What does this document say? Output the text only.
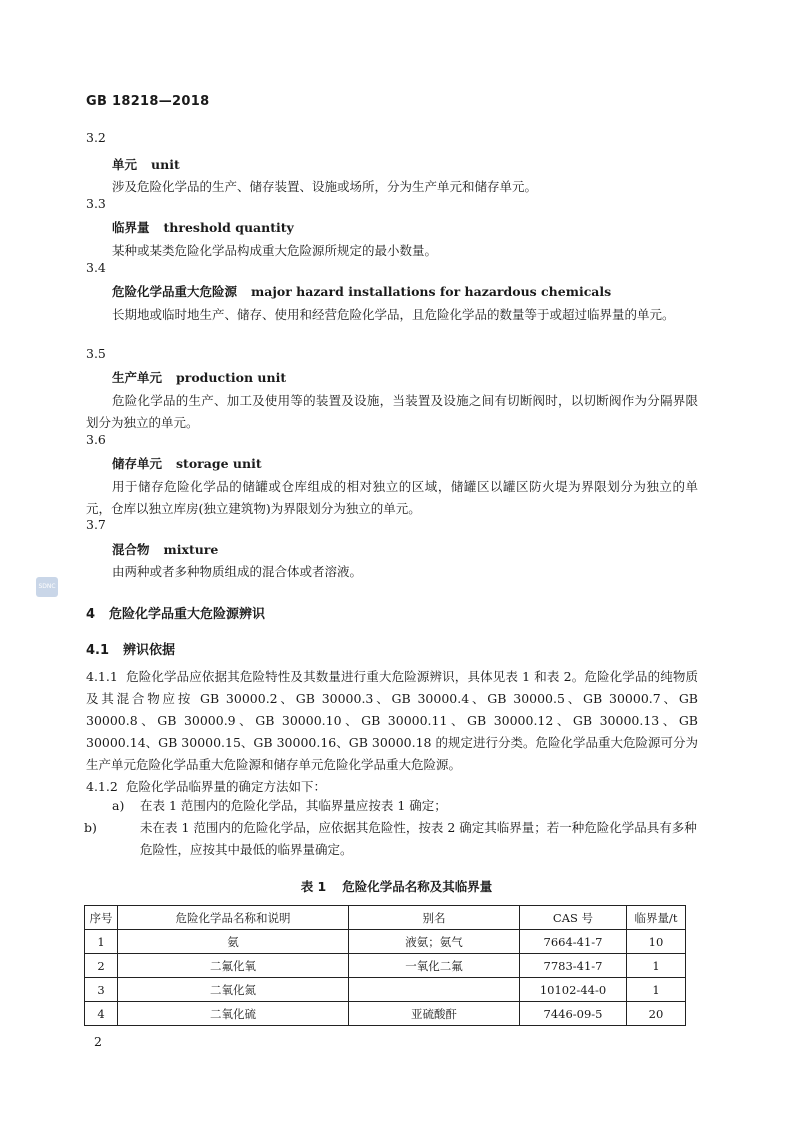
GB 18218—2018
3.2
单元 unit
涉及危险化学品的生产、储存装置、设施或场所，分为生产单元和储存单元。
3.3
临界量 threshold quantity
某种或某类危险化学品构成重大危险源所规定的最小数量。
3.4
危险化学品重大危险源 major hazard installations for hazardous chemicals
长期地或临时地生产、储存、使用和经营危险化学品，且危险化学品的数量等于或超过临界量的单元。
3.5
生产单元 production unit
危险化学品的生产、加工及使用等的装置及设施，当装置及设施之间有切断阀时，以切断阀作为分隔界限划分为独立的单元。
3.6
储存单元 storage unit
用于储存危险化学品的储罐或仓库组成的相对独立的区域，储罐区以罐区防火堤为界限划分为独立的单元，仓库以独立库房(独立建筑物)为界限划分为独立的单元。
3.7
混合物 mixture
由两种或者多种物质组成的混合体或者溶液。
4 危险化学品重大危险源辨识
4.1 辨识依据
4.1.1 危险化学品应依据其危险特性及其数量进行重大危险源辨识，具体见表 1 和表 2。危险化学品的纯物质及其混合物应按 GB 30000.2、GB 30000.3、GB 30000.4、GB 30000.5、GB 30000.7、GB 30000.8、GB 30000.9、GB 30000.10、GB 30000.11、GB 30000.12、GB 30000.13、GB 30000.14、GB 30000.15、GB 30000.16、GB 30000.18 的规定进行分类。危险化学品重大危险源可分为生产单元危险化学品重大危险源和储存单元危险化学品重大危险源。
4.1.2 危险化学品临界量的确定方法如下：
a) 在表 1 范围内的危险化学品，其临界量应按表 1 确定；
b)	未在表 1 范围内的危险化学品，应依据其危险性，按表 2 确定其临界量；若一种危险化学品具有多种危险性，应按其中最低的临界量确定。
表 1 危险化学品名称及其临界量
序号	危险化学品名称和说明	别名	CAS 号	临界量/t
1	氨	液氨；氨气	7664-41-7	10
2	二氟化氧	一氧化二氟	7783-41-7	1
3	二氧化氮		10102-44-0	1
4	二氧化硫	亚硫酸酐	7446-09-5	20
2
SDNC
